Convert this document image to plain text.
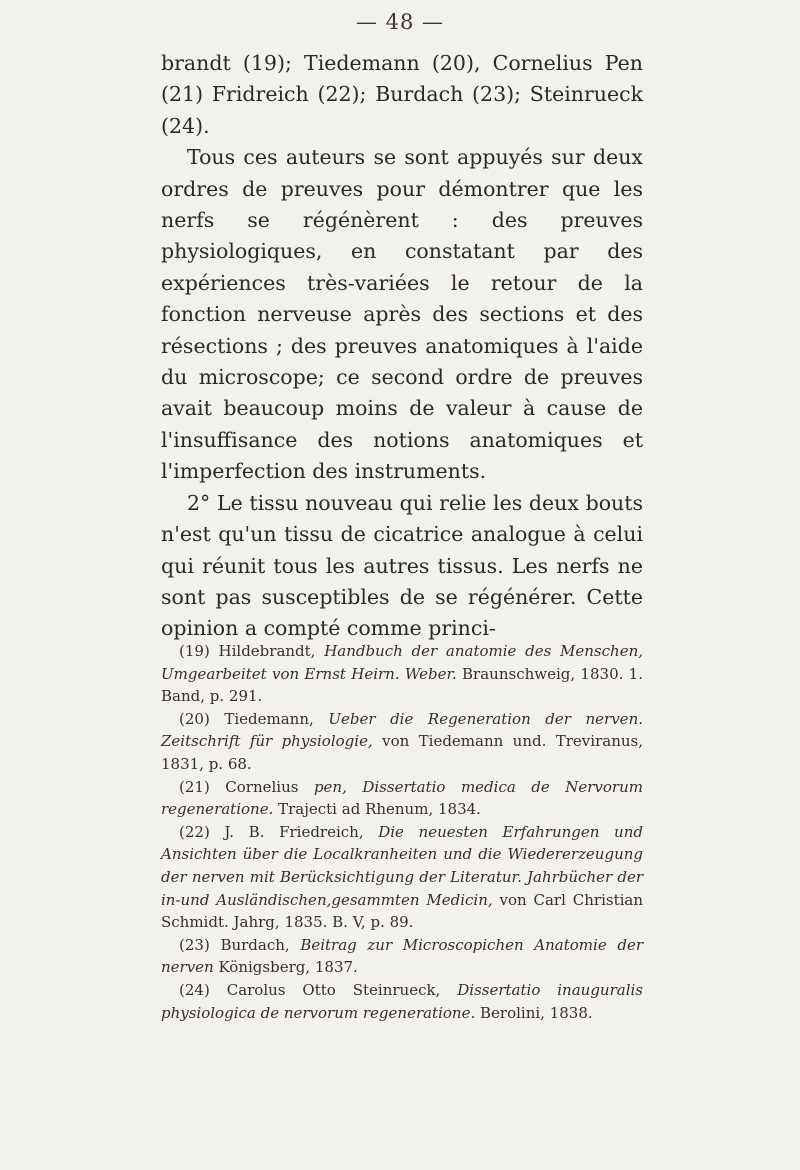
— 48 —

brandt (19); Tiedemann (20), Cornelius Pen (21) Fridreich (22); Burdach (23); Steinrueck (24).

Tous ces auteurs se sont appuyés sur deux ordres de preuves pour démontrer que les nerfs se régénèrent : des preuves physiologiques, en constatant par des expériences très-variées le retour de la fonction nerveuse après des sections et des résections ; des preuves anatomiques à l'aide du microscope; ce second ordre de preuves avait beaucoup moins de valeur à cause de l'insuffisance des notions anatomiques et l'imperfection des instruments.

2° Le tissu nouveau qui relie les deux bouts n'est qu'un tissu de cicatrice analogue à celui qui réunit tous les autres tissus. Les nerfs ne sont pas susceptibles de se régénérer. Cette opinion a compté comme princi-

(19) Hildebrandt, Handbuch der anatomie des Menschen, Umgearbeitet von Ernst Heirn. Weber. Braunschweig, 1830. 1. Band, p. 291.

(20) Tiedemann, Ueber die Regeneration der nerven. Zeitschrift für physiologie, von Tiedemann und. Treviranus, 1831, p. 68.

(21) Cornelius pen, Dissertatio medica de Nervorum regeneratione. Trajecti ad Rhenum, 1834.

(22) J. B. Friedreich, Die neuesten Erfahrungen und Ansichten über die Localkranheiten und die Wiedererzeugung der nerven mit Berücksichtigung der Literatur. Jahrbücher der in-und Ausländischen,gesammten Medicin, von Carl Christian Schmidt. Jahrg, 1835. B. V, p. 89.

(23) Burdach, Beitrag zur Microscopichen Anatomie der nerven Königsberg, 1837.

(24) Carolus Otto Steinrueck, Dissertatio inauguralis physiologica de nervorum regeneratione. Berolini, 1838.
